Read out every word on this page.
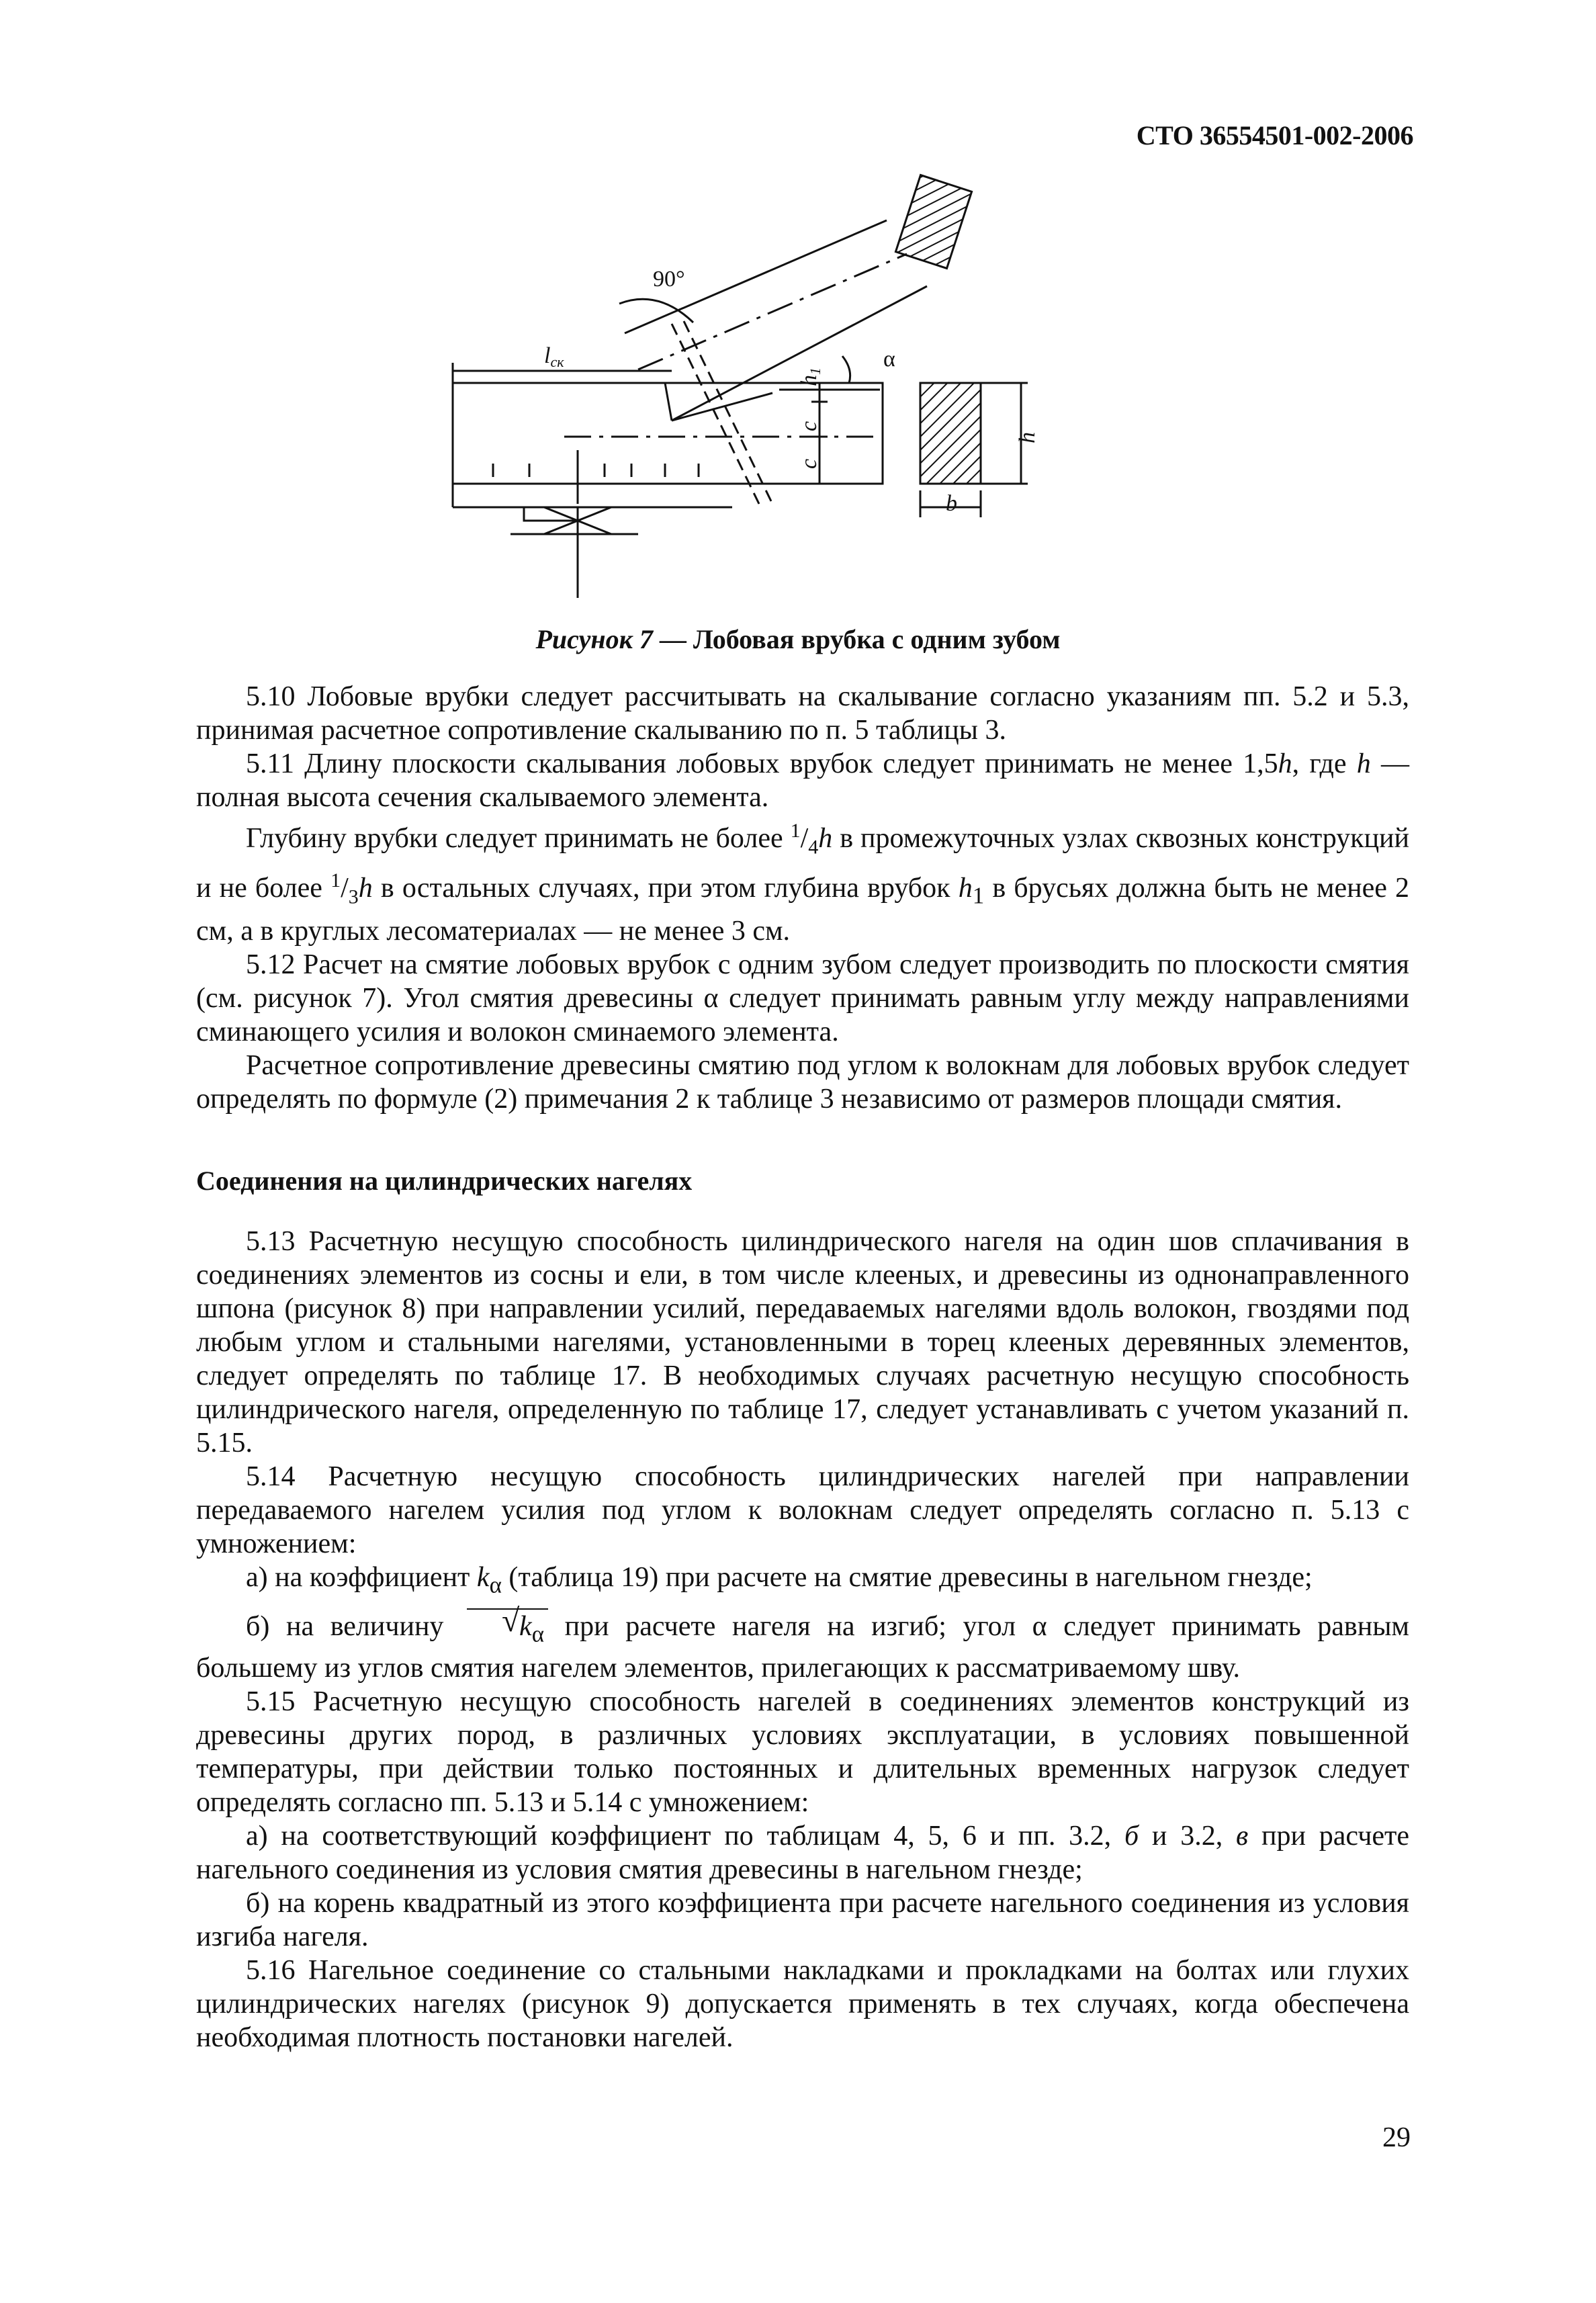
СТО 36554501-002-2006
90°
lск	α
h1
c
c
h
b
Рисунок 7 — Лобовая врубка с одним зубом

5.10 Лобовые врубки следует рассчитывать на скалывание согласно указаниям пп. 5.2 и 5.3, принимая расчетное сопротивление скалыванию по п. 5 таблицы 3.

5.11 Длину плоскости скалывания лобовых врубок следует принимать не менее 1,5h, где h — полная высота сечения скалываемого элемента.

Глубину врубки следует принимать не более $^1/_4h$ в промежуточных узлах сквозных конструкций и не более $^1/_3h$ в остальных случаях, при этом глубина врубок $h_1$ в брусьях должна быть не менее 2 см, а в круглых лесоматериалах — не менее 3 см.

5.12 Расчет на смятие лобовых врубок с одним зубом следует производить по плоскости смятия (см. рисунок 7). Угол смятия древесины α следует принимать равным углу между направлениями сминающего усилия и волокон сминаемого элемента.

Расчетное сопротивление древесины смятию под углом к волокнам для лобовых врубок следует определять по формуле (2) примечания 2 к таблице 3 независимо от размеров площади смятия.

Соединения на цилиндрических нагелях

5.13 Расчетную несущую способность цилиндрического нагеля на один шов сплачивания в соединениях элементов из сосны и ели, в том числе клееных, и древесины из однонаправленного шпона (рисунок 8) при направлении усилий, передаваемых нагелями вдоль волокон, гвоздями под любым углом и стальными нагелями, установленными в торец клееных деревянных элементов, следует определять по таблице 17. В необходимых случаях расчетную несущую способность цилиндрического нагеля, определенную по таблице 17, следует устанавливать с учетом указаний п. 5.15.

5.14 Расчетную несущую способность цилиндрических нагелей при направлении передаваемого нагелем усилия под углом к волокнам следует определять согласно п. 5.13 с умножением:

а) на коэффициент $k_\alpha$ (таблица 19) при расчете на смятие древесины в нагельном гнезде;

б) на величину √ $k_\alpha$ при расчете нагеля на изгиб; угол α следует принимать равным большему из углов смятия нагелем элементов, прилегающих к рассматриваемому шву.

5.15 Расчетную несущую способность нагелей в соединениях элементов конструкций из древесины других пород, в различных условиях эксплуатации, в условиях повышенной температуры, при действии только постоянных и длительных временных нагрузок следует определять согласно пп. 5.13 и 5.14 с умножением:

а) на соответствующий коэффициент по таблицам 4, 5, 6 и пп. 3.2, б и 3.2, в при расчете нагельного соединения из условия смятия древесины в нагельном гнезде;

б) на корень квадратный из этого коэффициента при расчете нагельного соединения из условия изгиба нагеля.

5.16 Нагельное соединение со стальными накладками и прокладками на болтах или глухих цилиндрических нагелях (рисунок 9) допускается применять в тех случаях, когда обеспечена необходимая плотность постановки нагелей.

29
